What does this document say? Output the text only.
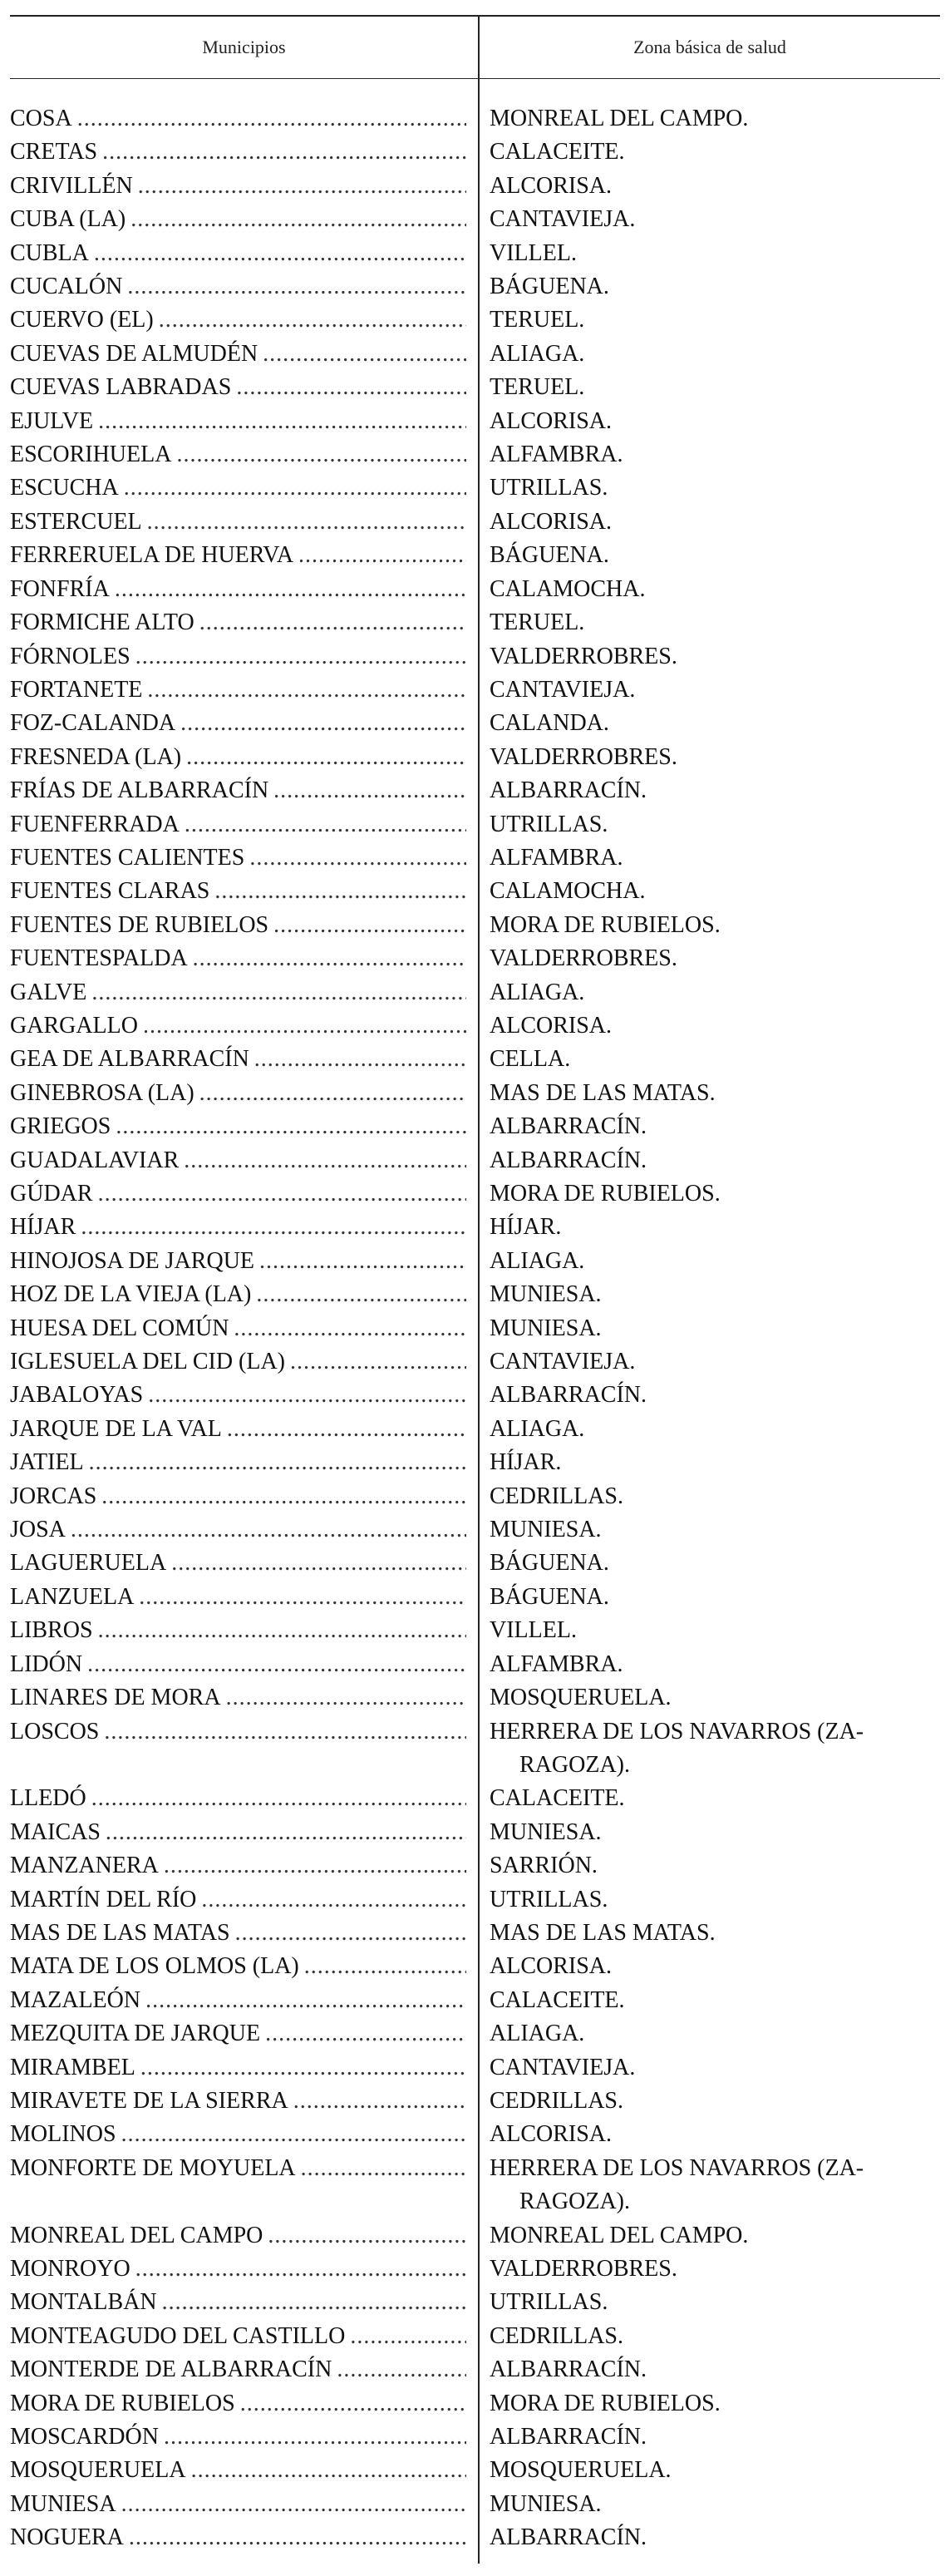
Municipios	Zona básica de salud
COSA .....	MONREAL DEL CAMPO.
CRETAS .....	CALACEITE.
CRIVILLÉN .....	ALCORISA.
CUBA (LA) .....	CANTAVIEJA.
CUBLA .....	VILLEL.
CUCALÓN .....	BÁGUENA.
CUERVO (EL) .....	TERUEL.
CUEVAS DE ALMUDÉN .....	ALIAGA.
CUEVAS LABRADAS .....	TERUEL.
EJULVE .....	ALCORISA.
ESCORIHUELA .....	ALFAMBRA.
ESCUCHA .....	UTRILLAS.
ESTERCUEL .....	ALCORISA.
FERRERUELA DE HUERVA .....	BÁGUENA.
FONFRÍA .....	CALAMOCHA.
FORMICHE ALTO .....	TERUEL.
FÓRNOLES .....	VALDERROBRES.
FORTANETE .....	CANTAVIEJA.
FOZ-CALANDA .....	CALANDA.
FRESNEDA (LA) .....	VALDERROBRES.
FRÍAS DE ALBARRACÍN .....	ALBARRACÍN.
FUENFERRADA .....	UTRILLAS.
FUENTES CALIENTES .....	ALFAMBRA.
FUENTES CLARAS .....	CALAMOCHA.
FUENTES DE RUBIELOS .....	MORA DE RUBIELOS.
FUENTESPALDA .....	VALDERROBRES.
GALVE .....	ALIAGA.
GARGALLO .....	ALCORISA.
GEA DE ALBARRACÍN .....	CELLA.
GINEBROSA (LA) .....	MAS DE LAS MATAS.
GRIEGOS .....	ALBARRACÍN.
GUADALAVIAR .....	ALBARRACÍN.
GÚDAR .....	MORA DE RUBIELOS.
HÍJAR .....	HÍJAR.
HINOJOSA DE JARQUE .....	ALIAGA.
HOZ DE LA VIEJA (LA) .....	MUNIESA.
HUESA DEL COMÚN .....	MUNIESA.
IGLESUELA DEL CID (LA) .....	CANTAVIEJA.
JABALOYAS .....	ALBARRACÍN.
JARQUE DE LA VAL .....	ALIAGA.
JATIEL .....	HÍJAR.
JORCAS .....	CEDRILLAS.
JOSA .....	MUNIESA.
LAGUERUELA .....	BÁGUENA.
LANZUELA .....	BÁGUENA.
LIBROS .....	VILLEL.
LIDÓN .....	ALFAMBRA.
LINARES DE MORA .....	MOSQUERUELA.
LOSCOS .....	HERRERA DE LOS NAVARROS (ZA-
RAGOZA).
LLEDÓ .....	CALACEITE.
MAICAS .....	MUNIESA.
MANZANERA .....	SARRIÓN.
MARTÍN DEL RÍO .....	UTRILLAS.
MAS DE LAS MATAS .....	MAS DE LAS MATAS.
MATA DE LOS OLMOS (LA) .....	ALCORISA.
MAZALEÓN .....	CALACEITE.
MEZQUITA DE JARQUE .....	ALIAGA.
MIRAMBEL .....	CANTAVIEJA.
MIRAVETE DE LA SIERRA .....	CEDRILLAS.
MOLINOS .....	ALCORISA.
MONFORTE DE MOYUELA .....	HERRERA DE LOS NAVARROS (ZA-
RAGOZA).
MONREAL DEL CAMPO .....	MONREAL DEL CAMPO.
MONROYO .....	VALDERROBRES.
MONTALBÁN .....	UTRILLAS.
MONTEAGUDO DEL CASTILLO .....	CEDRILLAS.
MONTERDE DE ALBARRACÍN .....	ALBARRACÍN.
MORA DE RUBIELOS .....	MORA DE RUBIELOS.
MOSCARDÓN .....	ALBARRACÍN.
MOSQUERUELA .....	MOSQUERUELA.
MUNIESA .....	MUNIESA.
NOGUERA .....	ALBARRACÍN.
